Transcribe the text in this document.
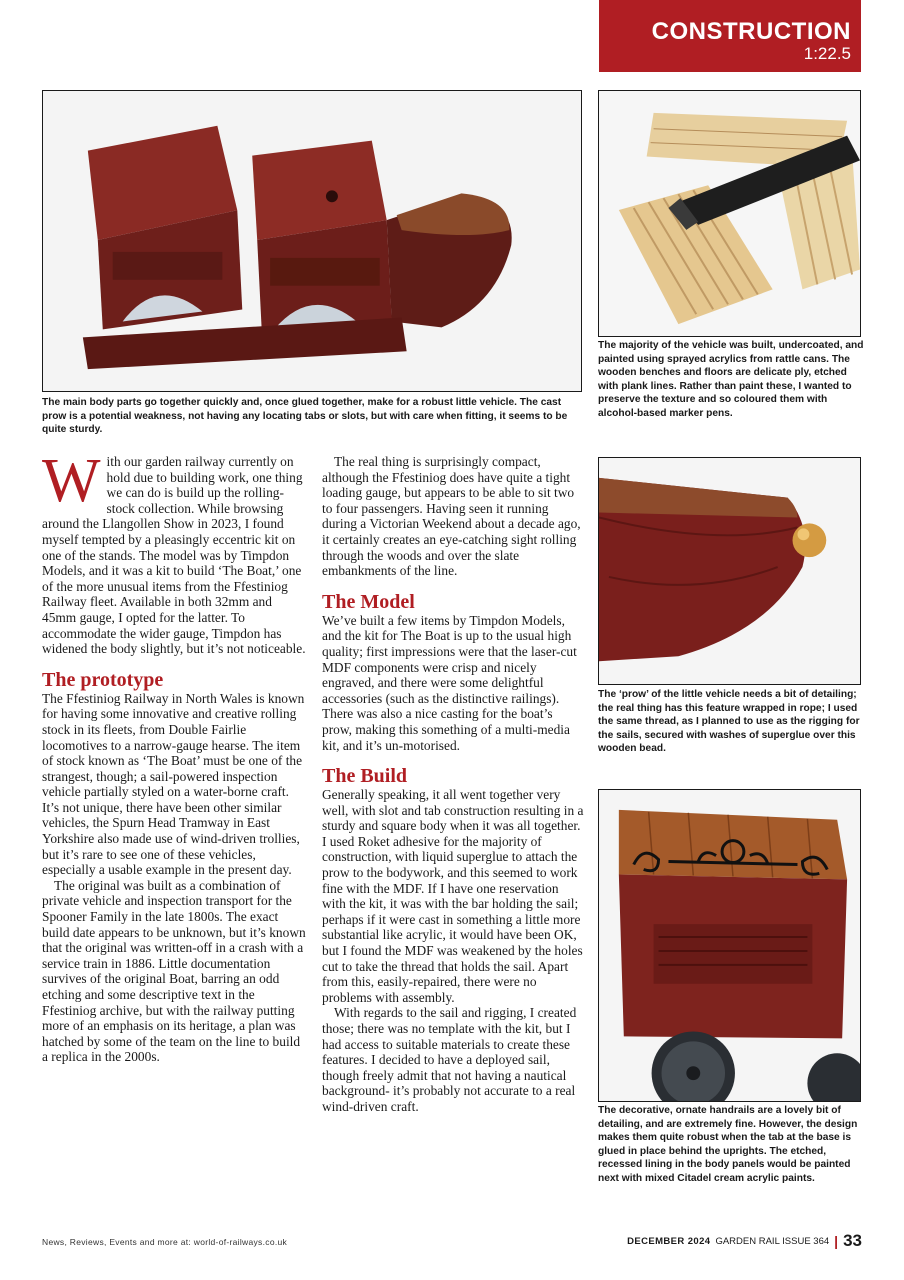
CONSTRUCTION
1:22.5
The main body parts go together quickly and, once glued together, make for a robust little vehicle. The cast prow is a potential weakness, not having any locating tabs or slots, but with care when fitting, it seems to be quite sturdy.
The majority of the vehicle was built, undercoated, and painted using sprayed acrylics from rattle cans. The wooden benches and floors are delicate ply, etched with plank lines. Rather than paint these, I wanted to preserve the texture and so coloured them with alcohol-based marker pens.
The ‘prow’ of the little vehicle needs a bit of detailing; the real thing has this feature wrapped in rope; I used the same thread, as I planned to use as the rigging for the sails, secured with washes of superglue over this wooden bead.
The decorative, ornate handrails are a lovely bit of detailing, and are extremely fine. However, the design makes them quite robust when the tab at the base is glued in place behind the uprights. The etched, recessed lining in the body panels would be painted next with mixed Citadel cream acrylic paints.

With our garden railway currently on hold due to building work, one thing we can do is build up the rolling-stock collection. While browsing around the Llangollen Show in 2023, I found myself tempted by a pleasingly eccentric kit on one of the stands. The model was by Timpdon Models, and it was a kit to build ‘The Boat,’ one of the more unusual items from the Ffestiniog Railway fleet. Available in both 32mm and 45mm gauge, I opted for the latter. To accommodate the wider gauge, Timpdon has widened the body slightly, but it’s not noticeable.

The prototype

The Ffestiniog Railway in North Wales is known for having some innovative and creative rolling stock in its fleets, from Double Fairlie locomotives to a narrow-gauge hearse. The item of stock known as ‘The Boat’ must be one of the strangest, though; a sail-powered inspection vehicle partially styled on a water-borne craft. It’s not unique, there have been other similar vehicles, the Spurn Head Tramway in East Yorkshire also made use of wind-driven trollies, but it’s rare to see one of these vehicles, especially a usable example in the present day.

The original was built as a combination of private vehicle and inspection transport for the Spooner Family in the late 1800s. The exact build date appears to be unknown, but it’s known that the original was written-off in a crash with a service train in 1886. Little documentation survives of the original Boat, barring an odd etching and some descriptive text in the Ffestiniog archive, but with the railway putting more of an emphasis on its heritage, a plan was hatched by some of the team on the line to build a replica in the 2000s.

The real thing is surprisingly compact, although the Ffestiniog does have quite a tight loading gauge, but appears to be able to sit two to four passengers. Having seen it running during a Victorian Weekend about a decade ago, it certainly creates an eye-catching sight rolling through the woods and over the slate embankments of the line.

The Model

We’ve built a few items by Timpdon Models, and the kit for The Boat is up to the usual high quality; first impressions were that the laser-cut MDF components were crisp and nicely engraved, and there were some delightful accessories (such as the distinctive railings). There was also a nice casting for the boat’s prow, making this something of a multi-media kit, and it’s un-motorised.

The Build

Generally speaking, it all went together very well, with slot and tab construction resulting in a sturdy and square body when it was all together. I used Roket adhesive for the majority of construction, with liquid superglue to attach the prow to the bodywork, and this seemed to work fine with the MDF. If I have one reservation with the kit, it was with the bar holding the sail; perhaps if it were cast in something a little more substantial like acrylic, it would have been OK, but I found the MDF was weakened by the holes cut to take the thread that holds the sail. Apart from this, easily-repaired, there were no problems with assembly.

With regards to the sail and rigging, I created those; there was no template with the kit, but I had access to suitable materials to create these features. I decided to have a deployed sail, though freely admit that not having a nautical background- it’s probably not accurate to a real wind-driven craft.

News, Reviews, Events and more at: world-of-railways.co.uk	DECEMBER 2024 GARDEN RAIL ISSUE 364 | 33
